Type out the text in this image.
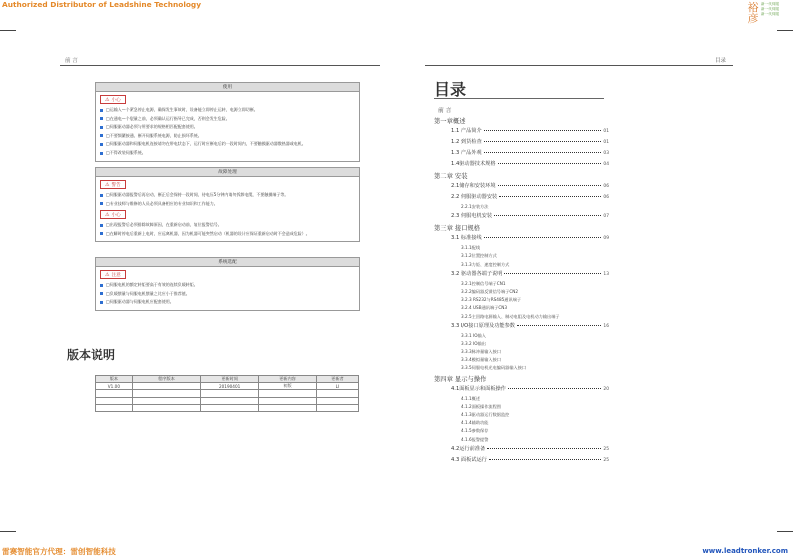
Authorized Distributor of Leadshine Technology	裕
彦
新一代伺服
新一代伺服
新一代伺服
雷赛智能官方代理：雷创智能科技	www.leadtronker.com
前 言
使用
⚠ 小心
□运输入—个紧急停止电源，确保发生事故时，设备能立即停止运转，电源立即切断。
□在通电—个裂量之前，必须确认运行指导已完成，否则会发生危险。
□伺服驱动器必须与所要求的规格相匹配配套使用。
□不要频繁接通、断开伺服系统电源，防止损坏系统。
□伺服驱动器和伺服电机连接请勿在带电状态下，运行时应断电后约一段时间内，不要触摸驱动器散热器或电机。
□不得改装伺服系统。
故障处理
⚠ 警告
□伺服驱动器报警后再启动，断正后会保持一段时间，待电压5分钟内请勿拆卸电缆，不要触摸端子等。
□专业技师与维修的人员必须具备相应的专业知识和工作能力。
⚠ 小心
□出现报警后必须排除故障原因，在重新启动前，复位报警信号。
□在瞬时停电后重新上电时，应远离机器，因为机器可能突然启动（机器的设计应保证重新启动时不会造成危险）。
系统选配
⚠ 注意
□伺服电机的额定转矩要高于有效的连续负载转矩。
□负载惯量与伺服电机惯量之比应小于推荐值。
□伺服驱动器与伺服电机应配套使用。
版本说明
版本	程序版本	更新时间	更新内容	更新者
V1.00		20190401	初版	LI

目录
目录
前 言
第一章概述
1.1 产品简介	01
1.2 到货检查	01
1.3 产品外观	03
1.4驱动器技术规格	04
第二章 安装
2.1储存和安装环境	06
2.2 伺服驱动器安装	06
2.2.1安装方法
2.3 伺服电机安装	07
第三章 接口规格
3.1 标准接线	09
3.1.1配线
3.1.2位置控制方式
3.1.3力矩、速度控制方式
3.2 驱动器各端子说明	13
3.2.1控制信号端子CN1
3.2.2编码器反馈信号端子CN2
3.2.3 RS232与RS485通讯端子
3.2.4 USB通讯端子CN3
3.2.5主回路电源输入、制动电阻及电机动力输出端子
3.3 I/O接口原理及功能参数	16
3.3.1 IO输入
3.3.2 IO输出
3.3.3脉冲量输入接口
3.3.4模拟量输入接口
3.3.5伺服电机光电编码器输入接口
第四章 显示与操作
4.1面板显示和面板操作	20
4.1.1概述
4.1.2面板操作流程图
4.1.3驱动器运行数据监控
4.1.4辅助功能
4.1.5参数保存
4.1.6报警提警
4.2运行前准备	25
4.3 面板试运行	25
